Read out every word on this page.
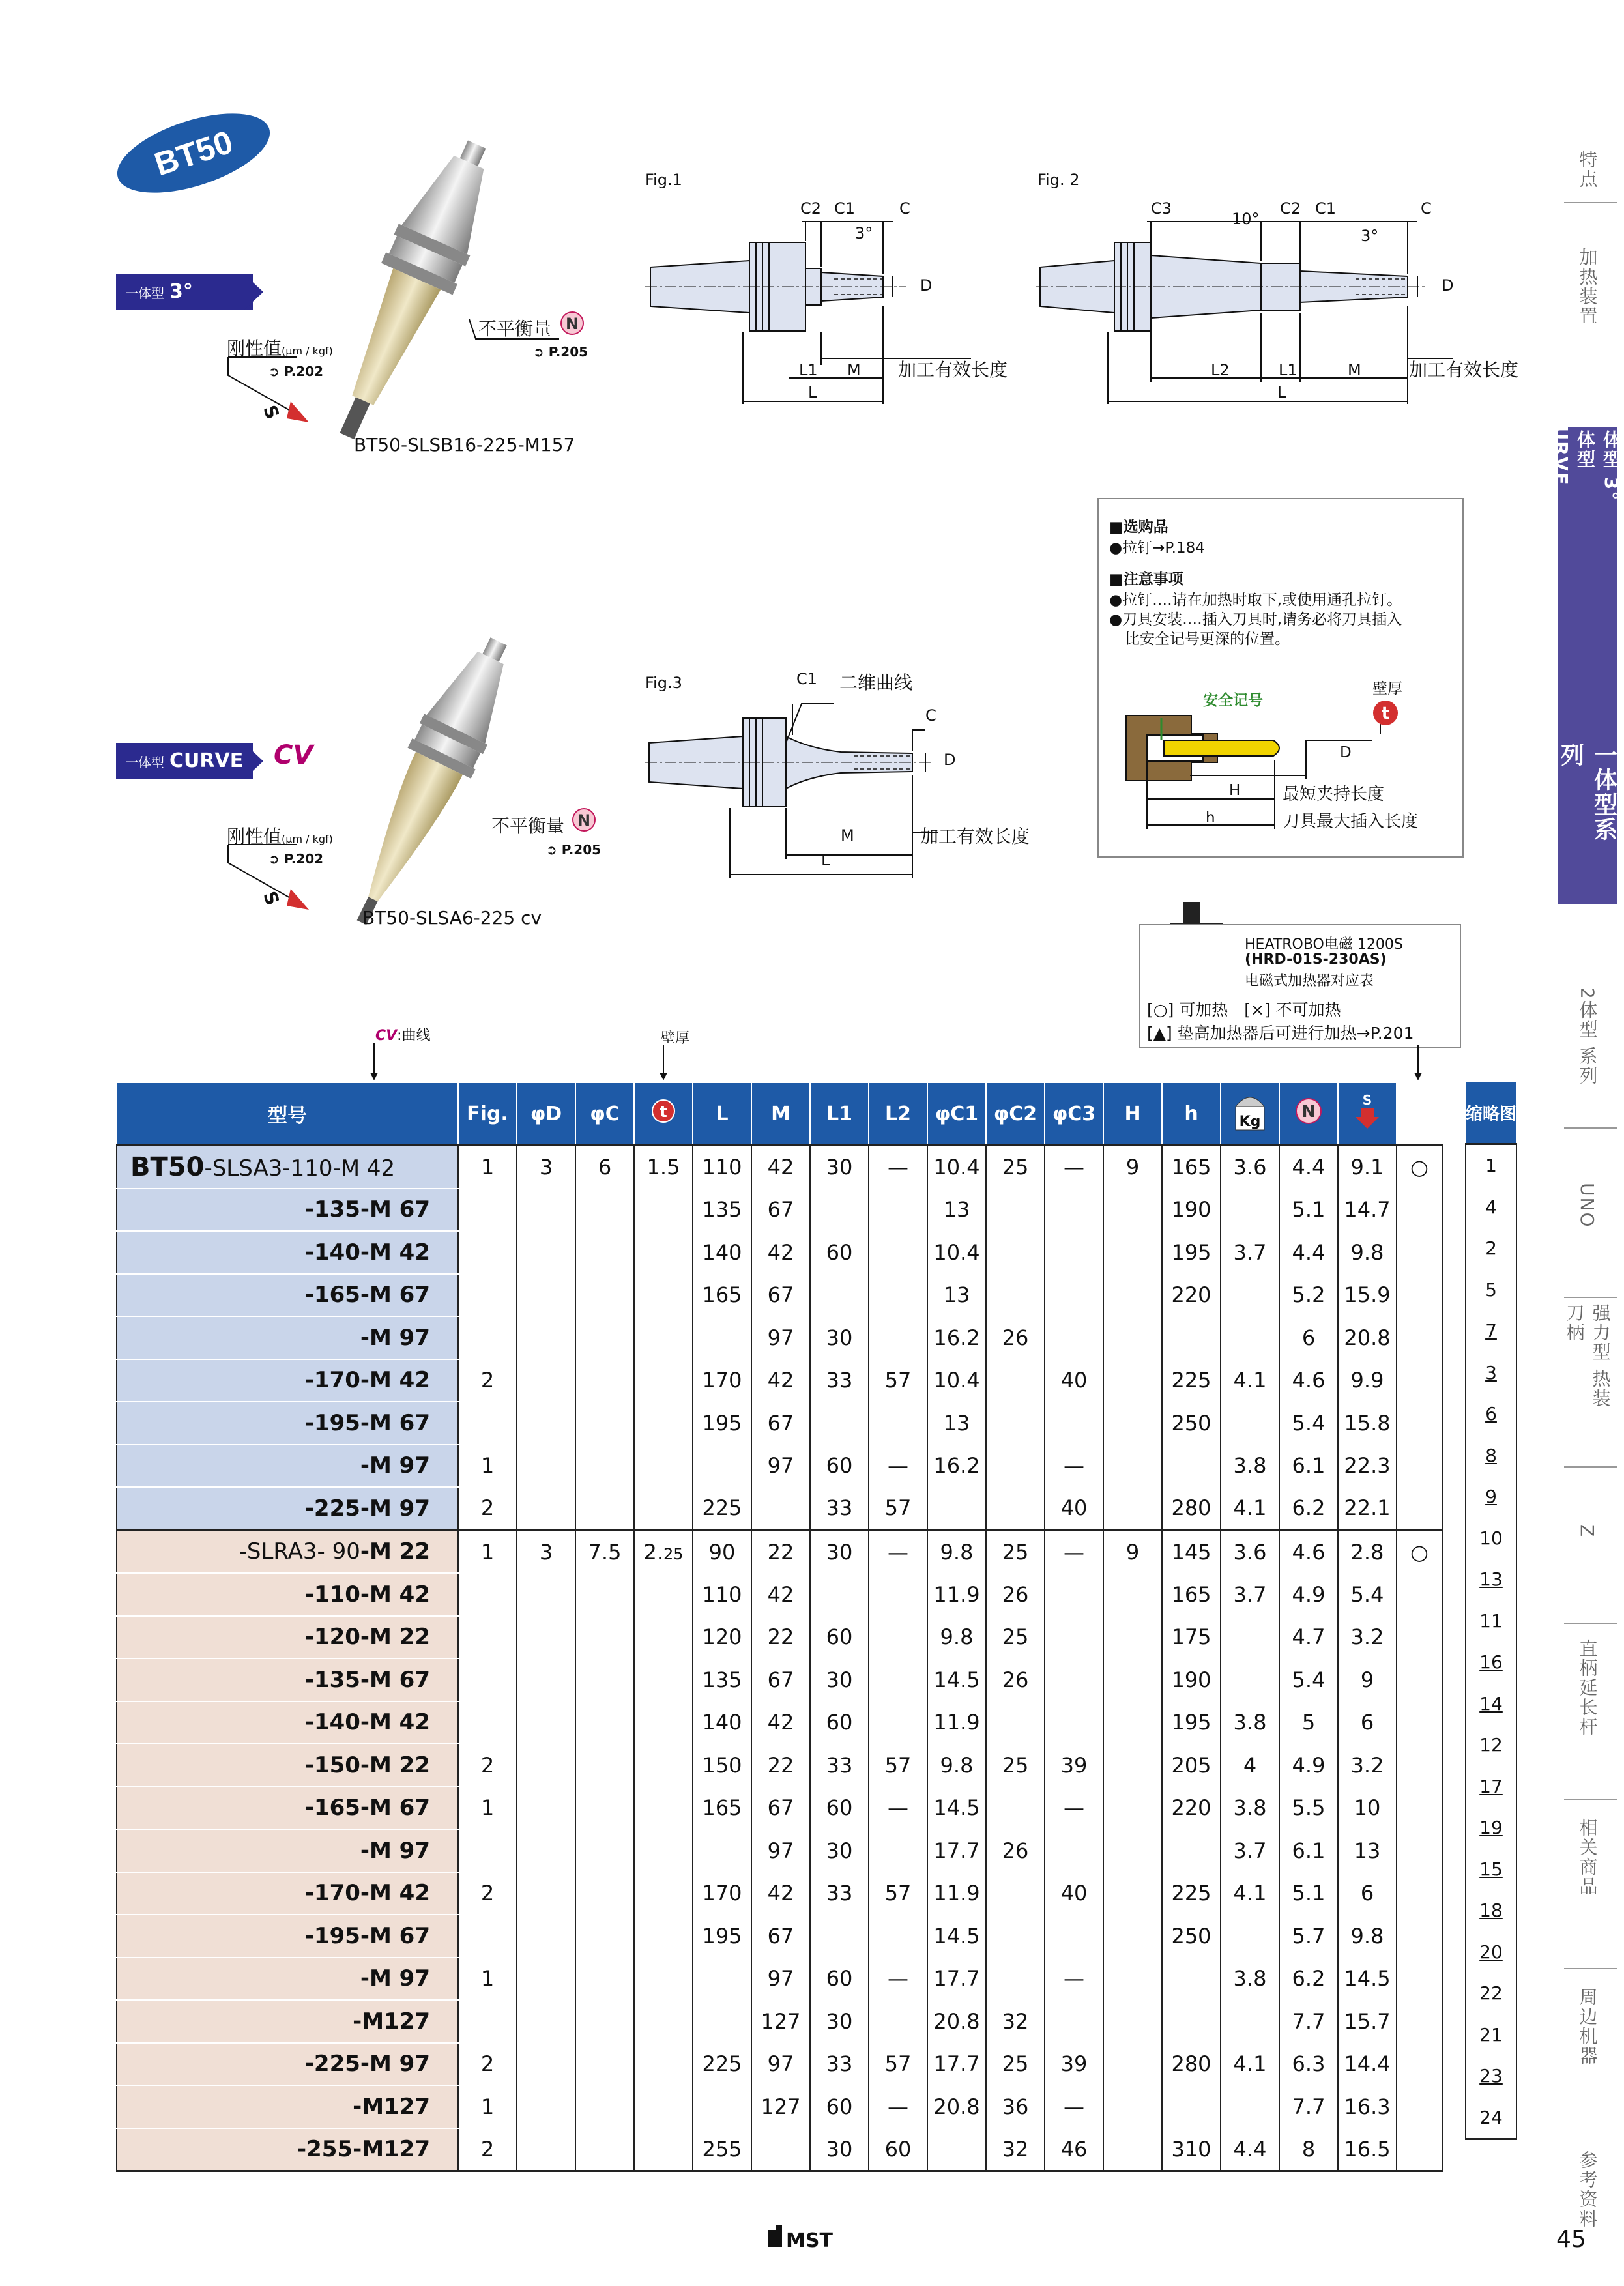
BT50
一体型 3°
不平衡量 N
➲ P.205
刚性值(μm / kgf)
➲ P.202
BT50-SLSB16-225-M157
S
一体型 CURVE	CV
不平衡量 N
➲ P.205
刚性值(μm / kgf)
➲ P.202
BT50-SLSA6-225 cv
S
Fig.1
C2 C1	C
3°
D
L1 M
L
加工有效长度
Fig. 2
C3
10°
C2 C1	C
3°
D
L2	L1	M
L
加工有效长度
Fig.3	C1 二维曲线
C
D
M
L
加工有效长度
■选购品
●拉钉→P.184
■注意事项
●拉钉‥‥请在加热时取下,或使用通孔拉钉。
●刀具安装‥‥插入刀具时,请务必将刀具插入
比安全记号更深的位置。
安全记号
壁厚
t
D
H 最短夹持长度
h	刀具最大插入长度
HEATROBO电磁 1200S
(HRD-01S-230AS)
电磁式加热器对应表
[○] 可加热　[×] 不可加热
[▲] 垫高加热器后可进行加热→P.201
CV:曲线	壁厚
型号	Fig.	φD	φC	t	L	M	L1	L2	φC1	φC2	φC3	H	h	Kg	N	S	

BT50-SLSA3-110-M 42	1	3	6	1.5	110	42	30	—	10.4	25	—	9	165	3.6	4.4	9.1	○
-135-M 67					135	67			13				190		5.1	14.7	
-140-M 42					140	42	60		10.4				195	3.7	4.4	9.8	
-165-M 67					165	67			13				220		5.2	15.9	
-M 97						97	30		16.2	26					6	20.8	
-170-M 42	2				170	42	33	57	10.4		40		225	4.1	4.6	9.9	
-195-M 67					195	67			13				250		5.4	15.8	
-M 97	1					97	60	—	16.2		—			3.8	6.1	22.3	
-225-M 97	2				225		33	57			40		280	4.1	6.2	22.1	
-SLRA3- 90-M 22	1	3	7.5	2.25	90	22	30	—	9.8	25	—	9	145	3.6	4.6	2.8	○
-110-M 42					110	42			11.9	26			165	3.7	4.9	5.4	
-120-M 22					120	22	60		9.8	25			175		4.7	3.2	
-135-M 67					135	67	30		14.5	26			190		5.4	9	
-140-M 42					140	42	60		11.9				195	3.8	5	6	
-150-M 22	2				150	22	33	57	9.8	25	39		205	4	4.9	3.2	
-165-M 67	1				165	67	60	—	14.5		—		220	3.8	5.5	10	
-M 97						97	30		17.7	26				3.7	6.1	13	
-170-M 42	2				170	42	33	57	11.9		40		225	4.1	5.1	6	
-195-M 67					195	67			14.5				250		5.7	9.8	
-M 97	1					97	60	—	17.7		—			3.8	6.2	14.5	
-M127						127	30		20.8	32					7.7	15.7	
-225-M 97	2				225	97	33	57	17.7	25	39		280	4.1	6.3	14.4	
-M127	1					127	60	—	20.8	36	—				7.7	16.3	
-255-M127	2				255		30	60		32	46		310	4.4	8	16.5	
缩略图
1
4
2
5
7
3
6
8
9
10
13
11
16
14
12
17
19
15
18
20
22
21
23
24
特点
加热装置
一体型 3° 一体型 CURVE
一体型系列
2体型 系列
UNO
强力型 热装刀柄
Z
直柄延长杆
相关商品
周边机器
参考资料
MST	45
